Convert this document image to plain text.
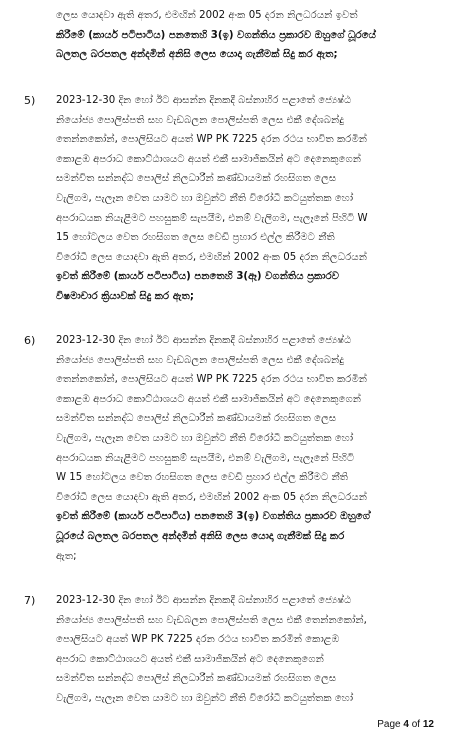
ලෙස යොදවා ඇති අතර, එමඟින් 2002 අංක 05 දරන නිලධරයන් ඉවත්
කිරීමේ (කාර්ය පටිපාටිය) පනතෙහි 3(ඉ) වගන්තිය ප්‍රකාරව ඔහුගේ ධූරයේ
බලතල බරපතල අන්දමින් අනිසි ලෙස යොදා ගැනීමක් සිදු කර ඇත;
5) 2023-12-30 දින හෝ ඊට ආසන්න දිනකදී බස්නාහිර පළාතේ ජ්‍යෙෂ්ඨ
නියෝජ්‍ය පොලිස්පති සහ වැඩබලන පොලිස්පති ලෙස එකී දේශබන්දු
තෙන්නකෝන්, පොලිසියට අයත් WP PK 7225 දරන රථය භාවිත කරමින්
කොළඹ අපරාධ කොට්ඨාශයට අයත් එකී සාමාජිකයින් අට දෙනෙකුගෙන්
සමන්විත සන්නද්ධ පොලිස් නිලධාරීන් කණ්ඩායමක් රහසිගත ලෙස
වැලිගම, පැලෑන වෙත යාමට හා ඔවුන්ට නීති විරෝධී කටයුත්තක හෝ
අපරාධයක නියැළීමට පහසුකම් සැපයීම, එනම් වැලිගම, පැලෑනේ පිහිටි W
15 හෝටලය වෙත රහසිගත ලෙස වෙඩි ප්‍රහාර එල්ල කිරීමට නීති
විරෝධී ලෙස යොදවා ඇති අතර, එමඟින් 2002 අංක 05 දරන නිලධරයන්
ඉවත් කිරීමේ (කාර්ය පටිපාටිය) පනතෙහි 3(ඈ) වගන්තිය ප්‍රකාරව
විෂමාචාර ක්‍රියාවක් සිදු කර ඇත;
6) 2023-12-30 දින හෝ ඊට ආසන්න දිනකදී බස්නාහිර පළාතේ ජ්‍යෙෂ්ඨ
නියෝජ්‍ය පොලිස්පති සහ වැඩබලන පොලිස්පති ලෙස එකී දේශබන්දු
තෙන්නකෝන්, පොලිසියට අයත් WP PK 7225 දරන රථය භාවිත කරමින්
කොළඹ අපරාධ කොට්ඨාශයට අයත් එකී සාමාජිකයින් අට දෙනෙකුගෙන්
සමන්විත සන්නද්ධ පොලිස් නිලධාරීන් කණ්ඩායමක් රහසිගත ලෙස
වැලිගම, පැලෑන වෙත යාමට හා ඔවුන්ට නීති විරෝධී කටයුත්තක හෝ
අපරාධයක නියැළීමට පහසුකම් සැපයීම, එනම් වැලිගම, පැලෑනේ පිහිටි
W 15 හෝටලය වෙත රහසිගත ලෙස වෙඩි ප්‍රහාර එල්ල කිරීමට නීති
විරෝධී ලෙස යොදවා ඇති අතර, එමඟින් 2002 අංක 05 දරන නිලධරයන්
ඉවත් කිරීමේ (කාර්ය පටිපාටිය) පනතෙහි 3(ඉ) වගන්තිය ප්‍රකාරව ඔහුගේ
ධූරයේ බලතල බරපතල අන්දමින් අනිසි ලෙස යොදා ගැනීමක් සිදු කර
ඇත;
7) 2023-12-30 දින හෝ ඊට ආසන්න දිනකදී බස්නාහිර පළාතේ ජ්‍යෙෂ්ඨ
නියෝජ්‍ය පොලිස්පති සහ වැඩබලන පොලිස්පති ලෙස එකී තෙන්නකෝන්,
පොලිසියට අයත් WP PK 7225 දරන රථය භාවිත කරමින් කොළඹ
අපරාධ කොට්ඨාශයට අයත් එකී සාමාජිකයින් අට දෙනෙකුගෙන්
සමන්විත සන්නද්ධ පොලිස් නිලධාරීන් කණ්ඩායමක් රහසිගත ලෙස
වැලිගම, පැලෑන වෙත යාමට හා ඔවුන්ට නීති විරෝධී කටයුත්තක හෝ
Page 4 of 12
